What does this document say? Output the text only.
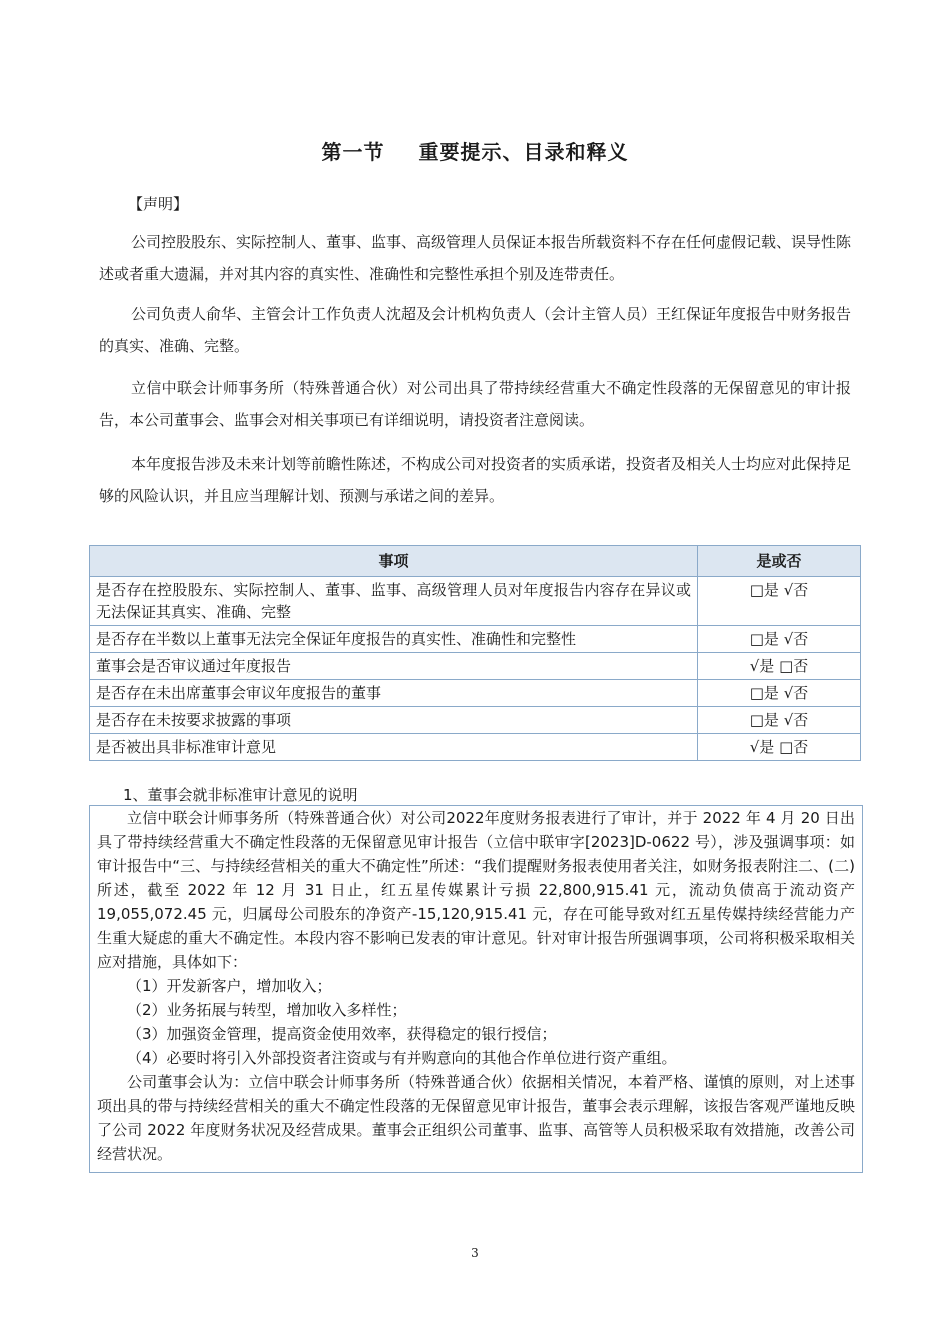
第一节 重要提示、目录和释义
【声明】

公司控股股东、实际控制人、董事、监事、高级管理人员保证本报告所载资料不存在任何虚假记载、误导性陈述或者重大遗漏，并对其内容的真实性、准确性和完整性承担个别及连带责任。

公司负责人俞华、主管会计工作负责人沈超及会计机构负责人（会计主管人员）王红保证年度报告中财务报告的真实、准确、完整。

立信中联会计师事务所（特殊普通合伙）对公司出具了带持续经营重大不确定性段落的无保留意见的审计报告，本公司董事会、监事会对相关事项已有详细说明，请投资者注意阅读。

本年度报告涉及未来计划等前瞻性陈述，不构成公司对投资者的实质承诺，投资者及相关人士均应对此保持足够的风险认识，并且应当理解计划、预测与承诺之间的差异。

事项	是或否
是否存在控股股东、实际控制人、董事、监事、高级管理人员对年度报告内容存在异议或无法保证其真实、准确、完整	□是 √否
是否存在半数以上董事无法完全保证年度报告的真实性、准确性和完整性	□是 √否
董事会是否审议通过年度报告	√是 □否
是否存在未出席董事会审议年度报告的董事	□是 √否
是否存在未按要求披露的事项	□是 √否
是否被出具非标准审计意见	√是 □否
1、董事会就非标准审计意见的说明

立信中联会计师事务所（特殊普通合伙）对公司2022年度财务报表进行了审计，并于 2022 年 4 月 20 日出具了带持续经营重大不确定性段落的无保留意见审计报告（立信中联审字[2023]D-0622 号），涉及强调事项：如审计报告中“三、与持续经营相关的重大不确定性”所述：“我们提醒财务报表使用者关注，如财务报表附注二、(二)所述，截至 2022 年 12 月 31 日止，红五星传媒累计亏损 22,800,915.41 元，流动负债高于流动资产 19,055,072.45 元，归属母公司股东的净资产-15,120,915.41 元，存在可能导致对红五星传媒持续经营能力产生重大疑虑的重大不确定性。本段内容不影响已发表的审计意见。针对审计报告所强调事项，公司将积极采取相关应对措施，具体如下：

（1）开发新客户，增加收入；

（2）业务拓展与转型，增加收入多样性；

（3）加强资金管理，提高资金使用效率，获得稳定的银行授信；

（4）必要时将引入外部投资者注资或与有并购意向的其他合作单位进行资产重组。

公司董事会认为：立信中联会计师事务所（特殊普通合伙）依据相关情况，本着严格、谨慎的原则，对上述事项出具的带与持续经营相关的重大不确定性段落的无保留意见审计报告，董事会表示理解，该报告客观严谨地反映了公司 2022 年度财务状况及经营成果。董事会正组织公司董事、监事、高管等人员积极采取有效措施，改善公司经营状况。

3
